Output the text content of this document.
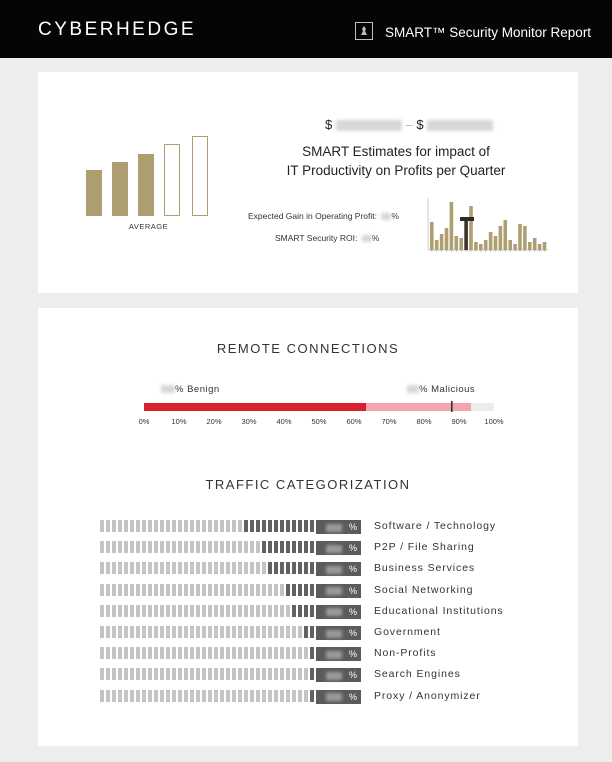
CYBERHEDGE	SMART™ Security Monitor Report
AVERAGE
$	– $
SMART Estimates for impact of
IT Productivity on Profits per Quarter
Expected Gain in Operating Profit: %
SMART Security ROI: %
REMOTE CONNECTIONS
% Benign	% Malicious
0%	10%	20%	30%	40%	50%	60%	70%	80%	90% 100%
TRAFFIC CATEGORIZATION
% Software / Technology
% P2P / File Sharing
% Business Services
% Social Networking
% Educational Institutions
% Government
% Non-Profits
% Search Engines
% Proxy / Anonymizer
